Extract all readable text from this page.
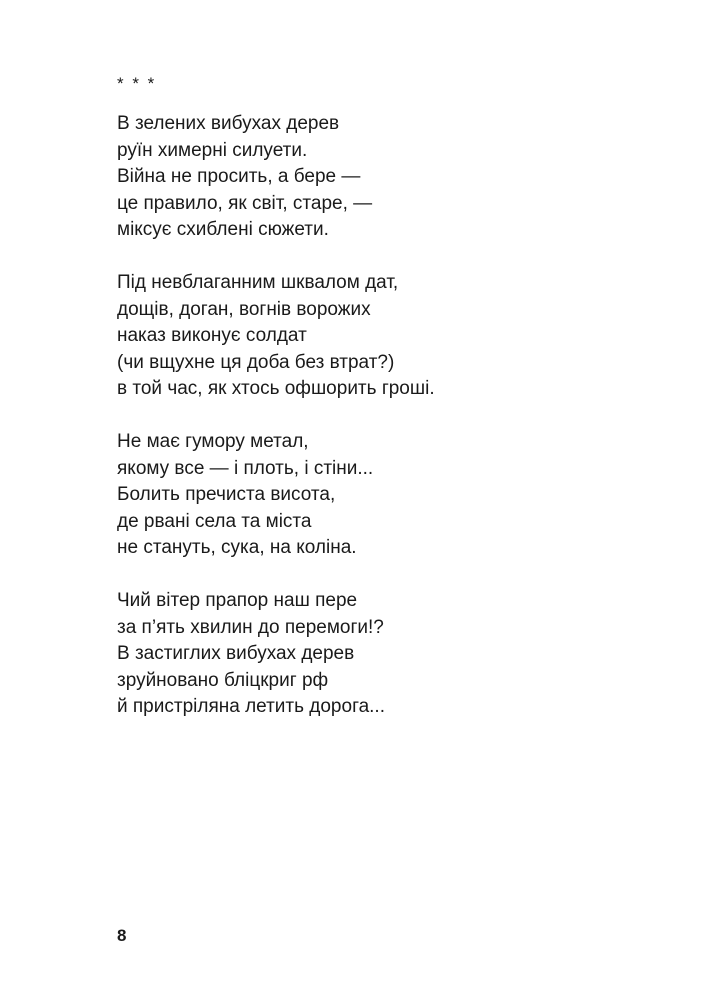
* * *
В зелених вибухах дерев
руїн химерні силуети.
Війна не просить, а бере —
це правило, як світ, старе, —
міксує схиблені сюжети.
Під невблаганним шквалом дат,
дощів, доган, вогнів ворожих
наказ виконує солдат
(чи вщухне ця доба без втрат?)
в той час, як хтось офшорить гроші.
Не має гумору метал,
якому все — і плоть, і стіни...
Болить пречиста висота,
де рвані села та міста
не стануть, сука, на коліна.
Чий вітер прапор наш пере
за п’ять хвилин до перемоги!?
В застиглих вибухах дерев
зруйновано бліцкриг рф
й пристріляна летить дорога...
8
